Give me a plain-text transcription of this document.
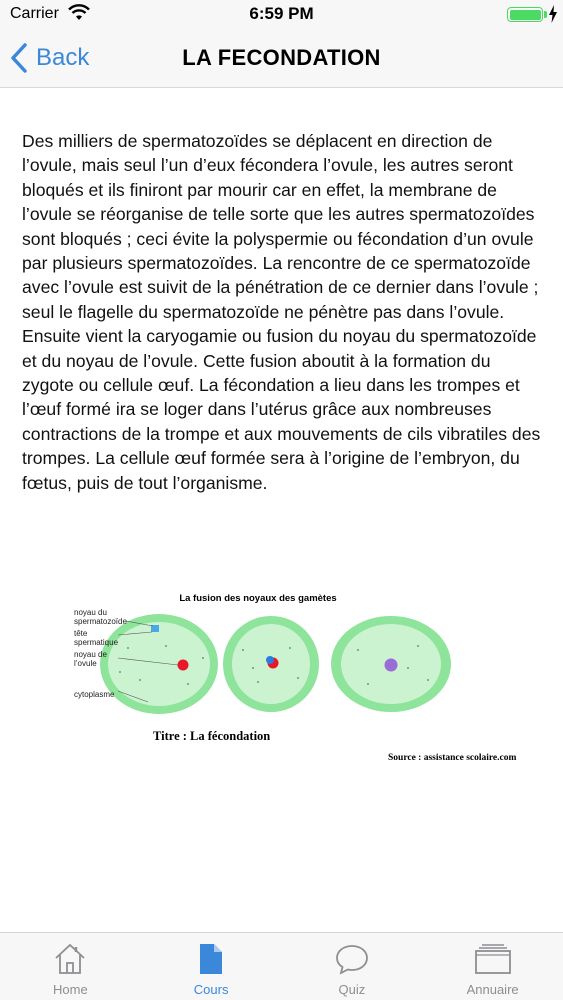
Carrier	6:59 PM
Back	LA FECONDATION

Des milliers de spermatozoïdes se déplacent en direction de l’ovule, mais seul l’un d’eux fécondera l’ovule, les autres seront bloqués et ils finiront par mourir car en effet, la membrane de l’ovule se réorganise de telle sorte que les autres spermatozoïdes sont bloqués ; ceci évite la polyspermie ou fécondation d’un ovule par plusieurs spermatozoïdes. La rencontre de ce spermatozoïde avec l’ovule est suivit de la pénétration de ce dernier dans l’ovule ; seul le flagelle du spermatozoïde ne pénètre pas dans l’ovule. Ensuite vient la caryogamie ou fusion du noyau du spermatozoïde et du noyau de l’ovule. Cette fusion aboutit à la formation du zygote ou cellule œuf. La fécondation a lieu dans les trompes et l’œuf formé ira se loger dans l’utérus grâce aux nombreuses contractions de la trompe et aux mouvements de cils vibratiles des trompes. La cellule œuf formée sera à l’origine de l’embryon, du fœtus, puis de tout l’organisme.

La fusion des noyaux des gamètes
noyau du spermatozoïde
tête spermatique
noyau de l’ovule
cytoplasme
Titre : La fécondation
Source : assistance scolaire.com
Home	Cours	Quiz	Annuaire
